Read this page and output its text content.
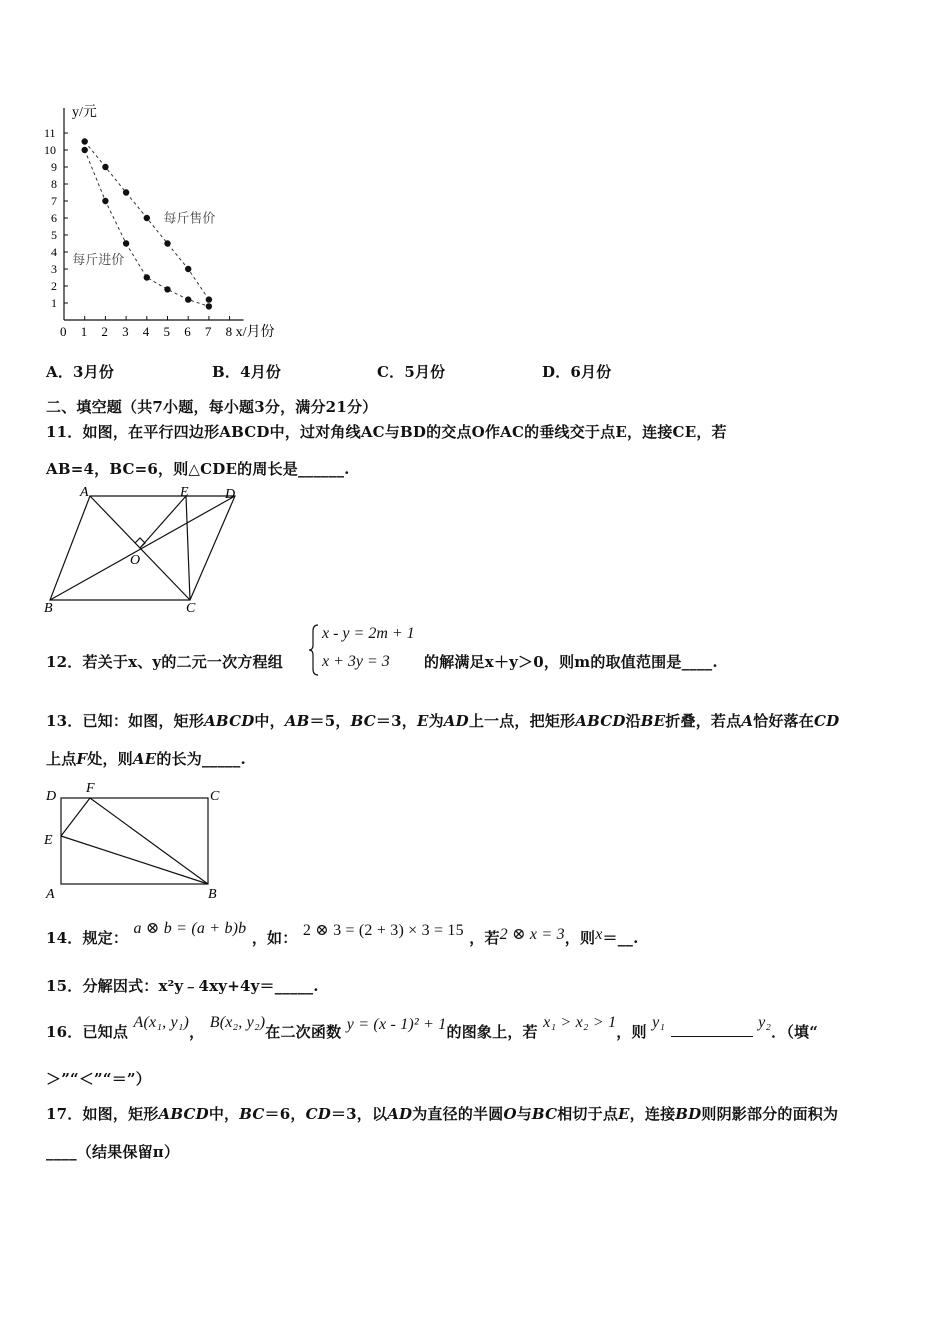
0 1 2 3 4 5 6 7 8
1
2
3
4
5
6
7
8
9
10
11
y/元
x/月份
每斤售价
每斤进价
A．3月份	B．4月份	C．5月份	D．6月份
二、填空题（共7小题，每小题3分，满分21分）
11．如图，在平行四边形ABCD中，过对角线AC与BD的交点O作AC的垂线交于点E，连接CE，若
AB=4，BC=6，则△CDE的周长是______.
A	E	D
O
B	C
12．若关于x、y的二元一次方程组
x - y = 2m + 1
x + 3y = 3 的解满足x＋y＞0，则m的取值范围是____.
13．已知：如图，矩形ABCD中，AB＝5，BC＝3，E为AD上一点，把矩形ABCD沿BE折叠，若点A恰好落在CD
上点F处，则AE的长为_____.
D
F
C
E
A	B
14．规定： a ⊗ b = (a + b)b ，如： 2 ⊗ 3 = (2 + 3) × 3 = 15 ，若2 ⊗ x = 3，则x＝__.
15．分解因式：x²y﹣4xy+4y＝_____.
16．已知点 A(x₁, y₁)， B(x₂, y₂)在二次函数 y = (x - 1)² + 1的图象上，若 x₁ > x₂ > 1，则 y₁	y₂．（填“
＞”“＜”“＝”）
17．如图，矩形ABCD中，BC＝6，CD＝3，以AD为直径的半圆O与BC相切于点E，连接BD则阴影部分的面积为
____（结果保留π）
